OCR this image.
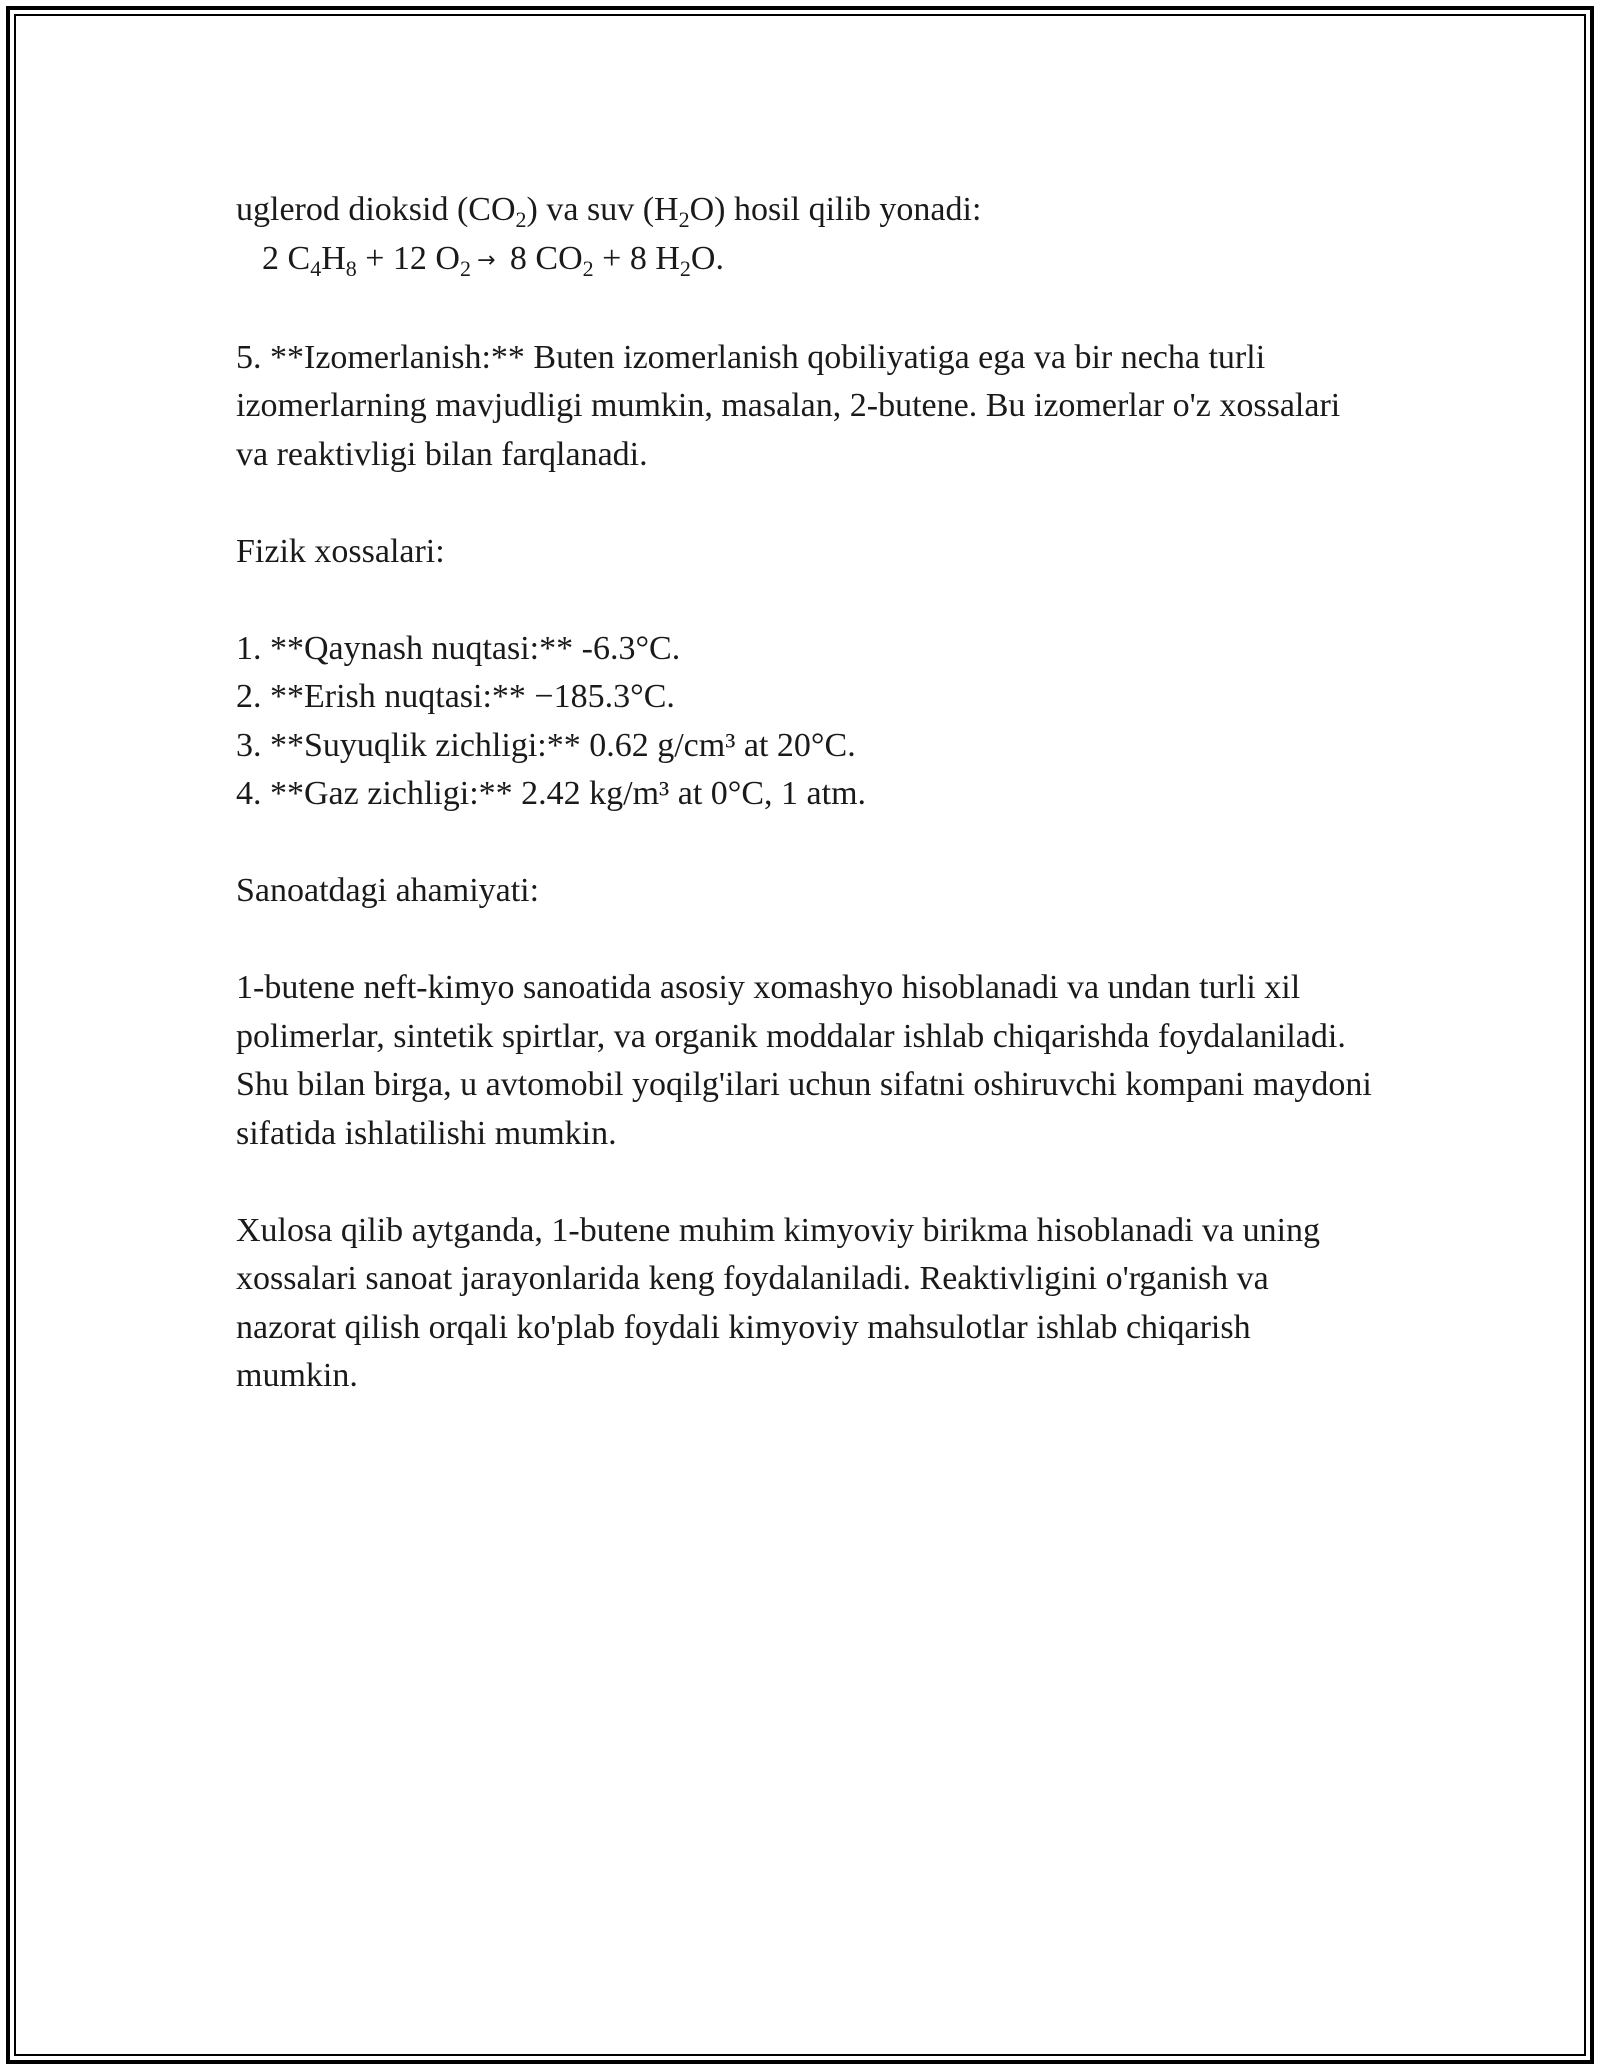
uglerod dioksid $(CO_2)$ va suv $(H_2O)$ hosil qilib yonadi:

2 $C_4H_8 + 12$ $O_2 \to 8$ $CO_2 + 8$ $H_2O$.

5. **Izomerlanish:** Buten izomerlanish qobiliyatiga ega va bir necha turli izomerlarning mavjudligi mumkin, masalan, 2-butene. Bu izomerlar o'z xossalari va reaktivligi bilan farqlanadi.

Fizik xossalari:

1. **Qaynash nuqtasi:** -6.3°C.

2. **Erish nuqtasi:** −185.3°C.

3. **Suyuqlik zichligi:** 0.62 g/cm³ at 20°C.

4. **Gaz zichligi:** 2.42 kg/m³ at 0°C, 1 atm.

Sanoatdagi ahamiyati:

1-butene neft-kimyo sanoatida asosiy xomashyo hisoblanadi va undan turli xil polimerlar, sintetik spirtlar, va organik moddalar ishlab chiqarishda foydalaniladi. Shu bilan birga, u avtomobil yoqilg'ilari uchun sifatni oshiruvchi kompani maydoni sifatida ishlatilishi mumkin.

Xulosa qilib aytganda, 1-butene muhim kimyoviy birikma hisoblanadi va uning xossalari sanoat jarayonlarida keng foydalaniladi. Reaktivligini o'rganish va nazorat qilish orqali ko'plab foydali kimyoviy mahsulotlar ishlab chiqarish mumkin.
